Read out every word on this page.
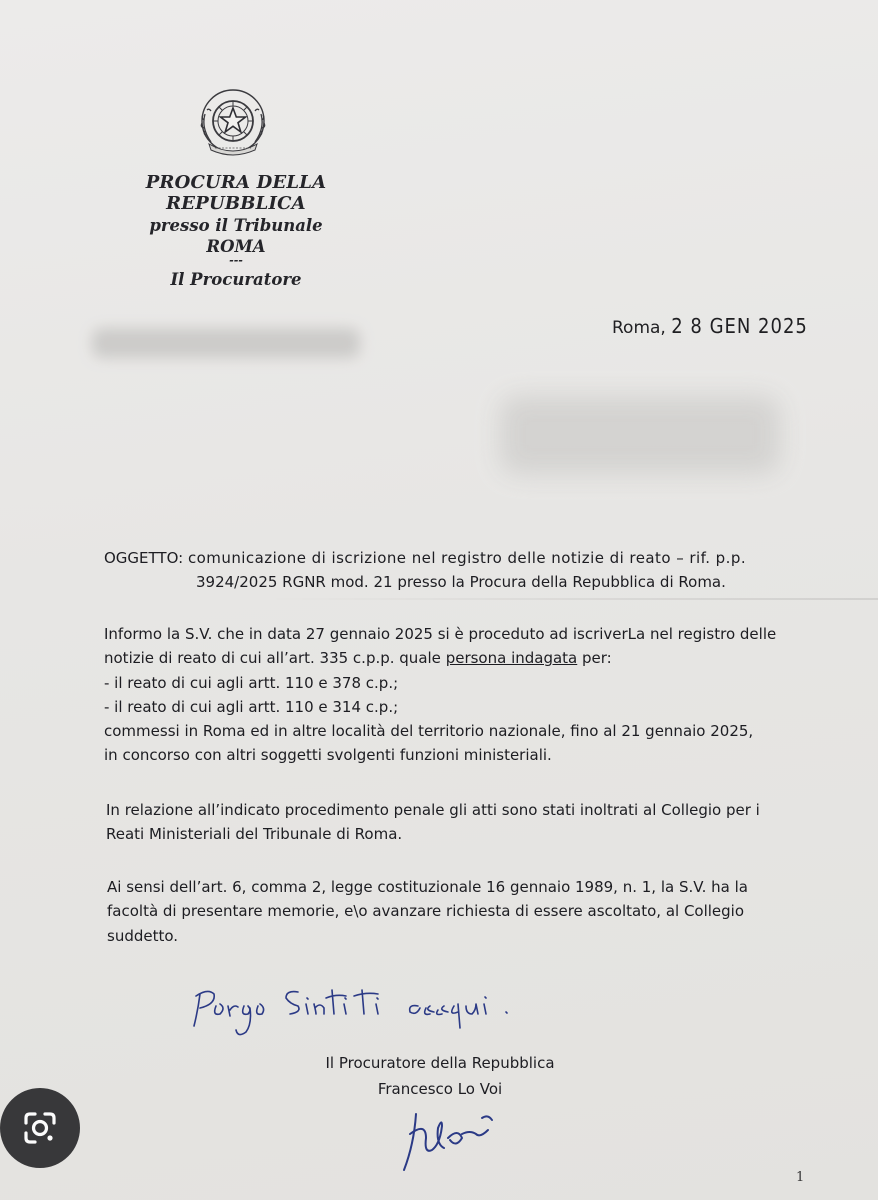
PROCURA DELLA REPUBBLICA
presso il Tribunale
ROMA
---
Il Procuratore
Roma, 2 8 GEN 2025
OGGETTO: comunicazione di iscrizione nel registro delle notizie di reato – rif. p.p.
3924/2025 RGNR mod. 21 presso la Procura della Repubblica di Roma.
Informo la S.V. che in data 27 gennaio 2025 si è proceduto ad iscriverLa nel registro delle
notizie di reato di cui all’art. 335 c.p.p. quale persona indagata per:
- il reato di cui agli artt. 110 e 378 c.p.;
- il reato di cui agli artt. 110 e 314 c.p.;
commessi in Roma ed in altre località del territorio nazionale, fino al 21 gennaio 2025,
in concorso con altri soggetti svolgenti funzioni ministeriali.
In relazione all’indicato procedimento penale gli atti sono stati inoltrati al Collegio per i
Reati Ministeriali del Tribunale di Roma.
Ai sensi dell’art. 6, comma 2, legge costituzionale 16 gennaio 1989, n. 1, la S.V. ha la
facoltà di presentare memorie, e\o avanzare richiesta di essere ascoltato, al Collegio
suddetto.
Il Procuratore della Repubblica
Francesco Lo Voi
1
